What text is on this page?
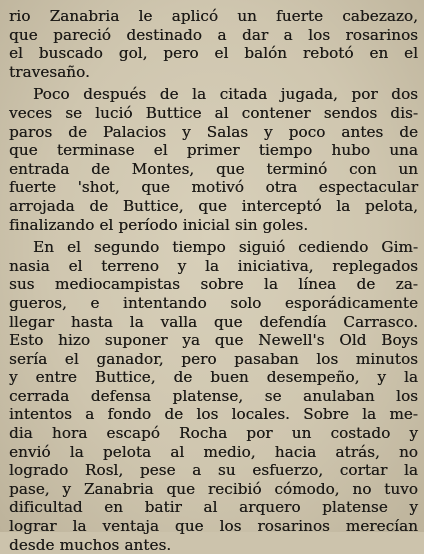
rio Zanabria le aplicó un fuerte cabezazo,
que pareció destinado a dar a los rosarinos
el buscado gol, pero el balón rebotó en el
travesaño.
Poco después de la citada jugada, por dos
veces se lució Buttice al contener sendos dis-
paros de Palacios y Salas y poco antes de
que terminase el primer tiempo hubo una
entrada de Montes, que terminó con un
fuerte 'shot, que motivó otra espectacular
arrojada de Buttice, que interceptó la pelota,
finalizando el período inicial sin goles.
En el segundo tiempo siguió cediendo Gim-
nasia el terreno y la iniciativa, replegados
sus mediocampistas sobre la línea de za-
gueros, e intentando solo esporádicamente
llegar hasta la valla que defendía Carrasco.
Esto hizo suponer ya que Newell's Old Boys
sería el ganador, pero pasaban los minutos
y entre Buttice, de buen desempeño, y la
cerrada defensa platense, se anulaban los
intentos a fondo de los locales. Sobre la me-
dia hora escapó Rocha por un costado y
envió la pelota al medio, hacia atrás, no
logrado Rosl, pese a su esfuerzo, cortar la
pase, y Zanabria que recibió cómodo, no tuvo
dificultad en batir al arquero platense y
lograr la ventaja que los rosarinos merecían
desde muchos antes.
